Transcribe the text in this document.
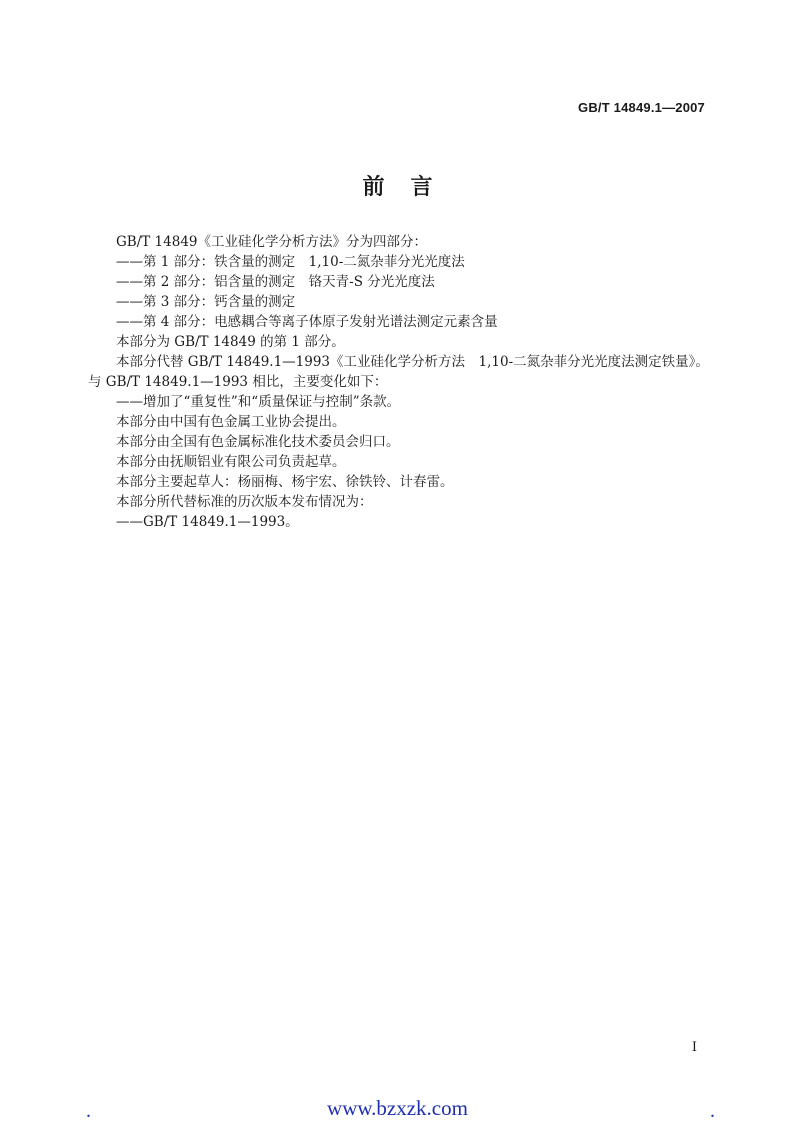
GB/T 14849.1—2007
前言

GB/T 14849《工业硅化学分析方法》分为四部分：

——第 1 部分：铁含量的测定　1,10-二氮杂菲分光光度法

——第 2 部分：铝含量的测定　铬天青-S 分光光度法

——第 3 部分：钙含量的测定

——第 4 部分：电感耦合等离子体原子发射光谱法测定元素含量

本部分为 GB/T 14849 的第 1 部分。

本部分代替 GB/T 14849.1—1993《工业硅化学分析方法　1,10-二氮杂菲分光光度法测定铁量》。

与 GB/T 14849.1—1993 相比，主要变化如下：

——增加了“重复性”和“质量保证与控制”条款。

本部分由中国有色金属工业协会提出。

本部分由全国有色金属标准化技术委员会归口。

本部分由抚顺铝业有限公司负责起草。

本部分主要起草人：杨丽梅、杨宇宏、徐铁铃、计春雷。

本部分所代替标准的历次版本发布情况为：

——GB/T 14849.1—1993。

I
.	www.bzxzk.com	.
